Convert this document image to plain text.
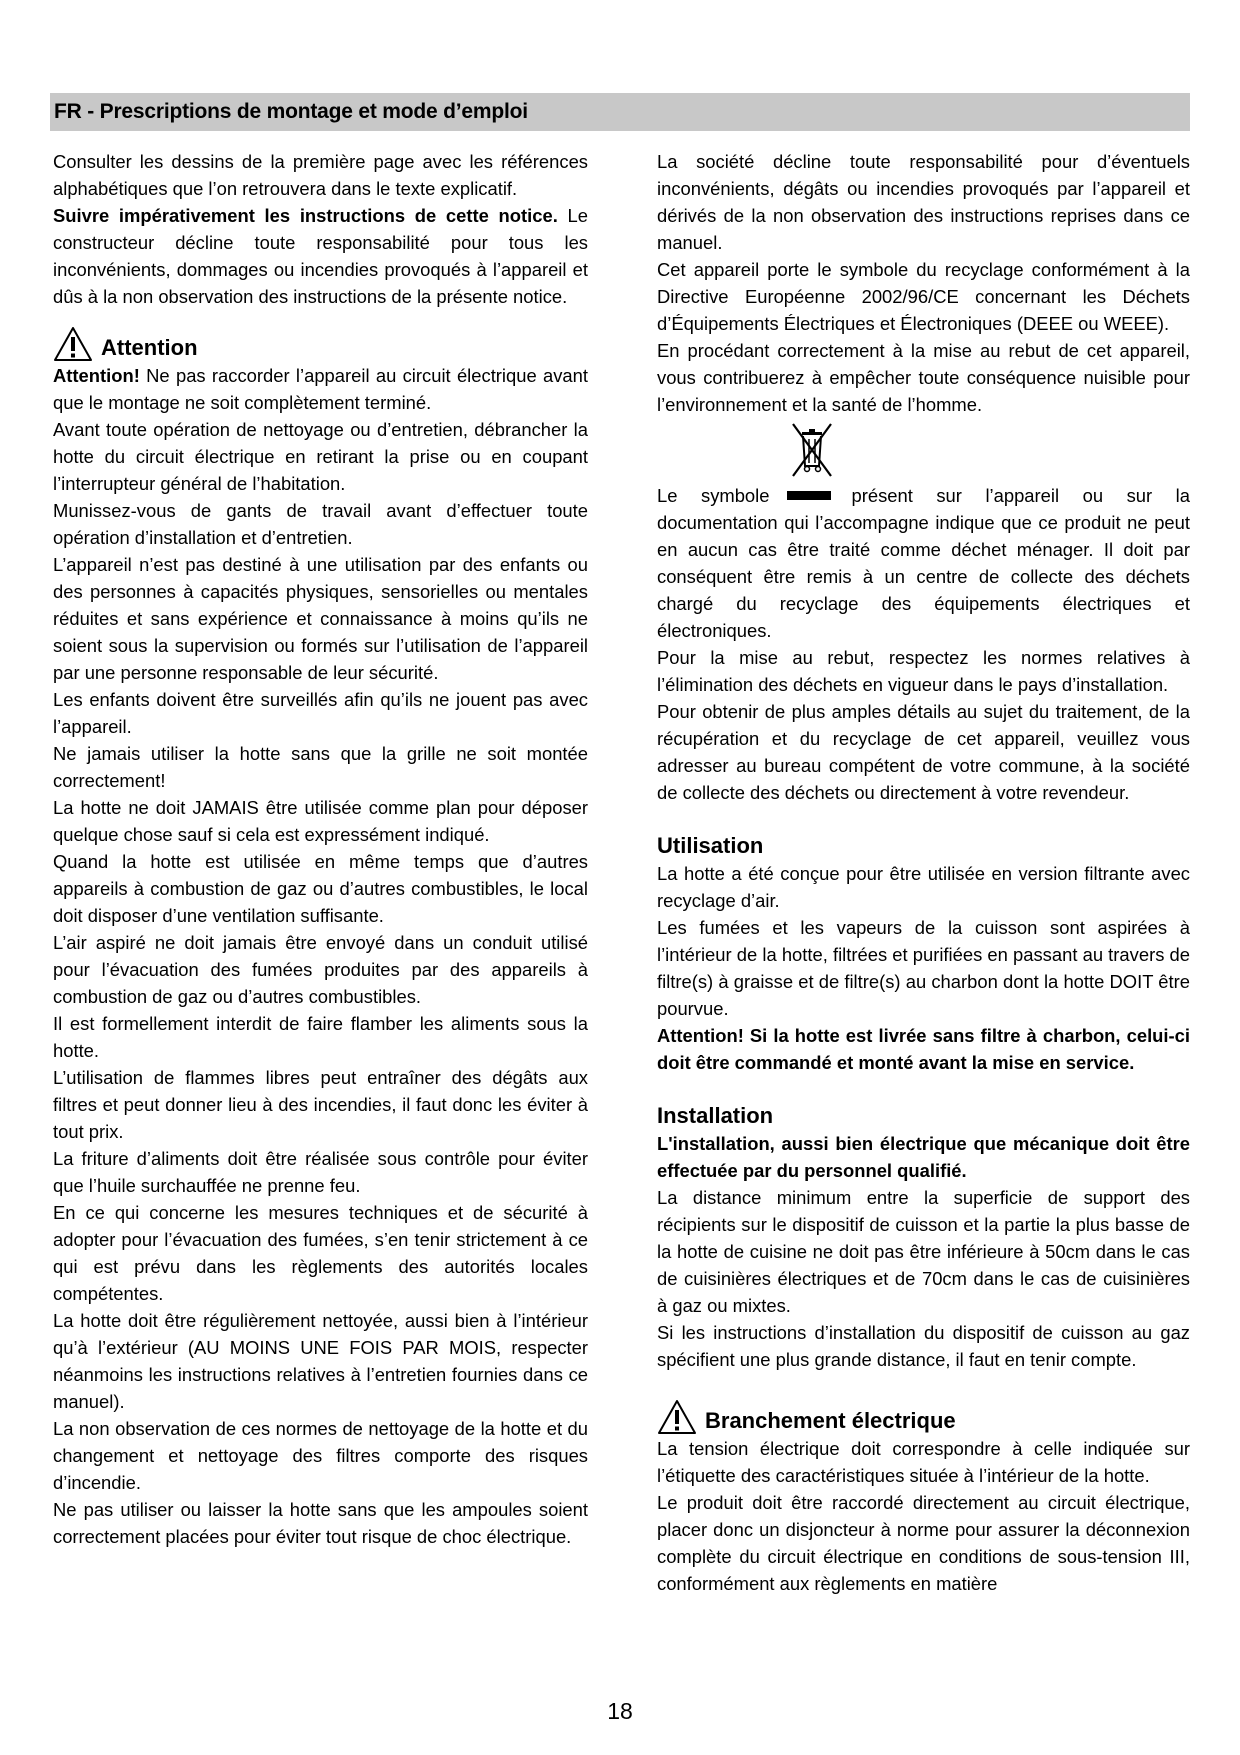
FR - Prescriptions de montage et mode d’emploi

Consulter les dessins de la première page avec les références alphabétiques que l’on retrouvera dans le texte explicatif.

Suivre impérativement les instructions de cette notice. Le constructeur décline toute responsabilité pour tous les inconvénients, dommages ou incendies provoqués à l’appareil et dûs à la non observation des instructions de la présente notice.

Attention

Attention! Ne pas raccorder l’appareil au circuit électrique avant que le montage ne soit complètement terminé.

Avant toute opération de nettoyage ou d’entretien, débrancher la hotte du circuit électrique en retirant la prise ou en coupant l’interrupteur général de l’habitation.

Munissez-vous de gants de travail avant d’effectuer toute opération d’installation et d’entretien.

L’appareil n’est pas destiné à une utilisation par des enfants ou des personnes à capacités physiques, sensorielles ou mentales réduites et sans expérience et connaissance à moins qu’ils ne soient sous la supervision ou formés sur l’utilisation de l’appareil par une personne responsable de leur sécurité.

Les enfants doivent être surveillés afin qu’ils ne jouent pas avec l’appareil.

Ne jamais utiliser la hotte sans que la grille ne soit montée correctement!

La hotte ne doit JAMAIS être utilisée comme plan pour déposer quelque chose sauf si cela est expressément indiqué.

Quand la hotte est utilisée en même temps que d’autres appareils à combustion de gaz ou d’autres combustibles, le local doit disposer d’une ventilation suffisante.

L’air aspiré ne doit jamais être envoyé dans un conduit utilisé pour l’évacuation des fumées produites par des appareils à combustion de gaz ou d’autres combustibles.

Il est formellement interdit de faire flamber les aliments sous la hotte.

L’utilisation de flammes libres peut entraîner des dégâts aux filtres et peut donner lieu à des incendies, il faut donc les éviter à tout prix.

La friture d’aliments doit être réalisée sous contrôle pour éviter que l’huile surchauffée ne prenne feu.

En ce qui concerne les mesures techniques et de sécurité à adopter pour l’évacuation des fumées, s’en tenir strictement à ce qui est prévu dans les règlements des autorités locales compétentes.

La hotte doit être régulièrement nettoyée, aussi bien à l’intérieur qu’à l’extérieur (AU MOINS UNE FOIS PAR MOIS, respecter néanmoins les instructions relatives à l’entretien fournies dans ce manuel).

La non observation de ces normes de nettoyage de la hotte et du changement et nettoyage des filtres comporte des risques d’incendie.

Ne pas utiliser ou laisser la hotte sans que les ampoules soient correctement placées pour éviter tout risque de choc électrique.

La société décline toute responsabilité pour d’éventuels inconvénients, dégâts ou incendies provoqués par l’appareil et dérivés de la non observation des instructions reprises dans ce manuel.

Cet appareil porte le symbole du recyclage conformément à la Directive Européenne 2002/96/CE concernant les Déchets d’Équipements Électriques et Électroniques (DEEE ou WEEE).

En procédant correctement à la mise au rebut de cet appareil, vous contribuerez à empêcher toute conséquence nuisible pour l’environnement et la santé de l’homme.

Le symbole	présent sur l’appareil ou sur la documentation qui l’accompagne indique que ce produit ne peut en aucun cas être traité comme déchet ménager. Il doit par conséquent être remis à un centre de collecte des déchets chargé du recyclage des équipements électriques et électroniques.

Pour la mise au rebut, respectez les normes relatives à l’élimination des déchets en vigueur dans le pays d’installation.

Pour obtenir de plus amples détails au sujet du traitement, de la récupération et du recyclage de cet appareil, veuillez vous adresser au bureau compétent de votre commune, à la société de collecte des déchets ou directement à votre revendeur.

Utilisation

La hotte a été conçue pour être utilisée en version filtrante avec recyclage d’air.

Les fumées et les vapeurs de la cuisson sont aspirées à l’intérieur de la hotte, filtrées et purifiées en passant au travers de filtre(s) à graisse et de filtre(s) au charbon dont la hotte DOIT être pourvue.

Attention! Si la hotte est livrée sans filtre à charbon, celui-ci doit être commandé et monté avant la mise en service.

Installation

L'installation, aussi bien électrique que mécanique doit être effectuée par du personnel qualifié.

La distance minimum entre la superficie de support des récipients sur le dispositif de cuisson et la partie la plus basse de la hotte de cuisine ne doit pas être inférieure à 50cm dans le cas de cuisinières électriques et de 70cm dans le cas de cuisinières à gaz ou mixtes.

Si les instructions d’installation du dispositif de cuisson au gaz spécifient une plus grande distance, il faut en tenir compte.

Branchement électrique

La tension électrique doit correspondre à celle indiquée sur l’étiquette des caractéristiques située à l’intérieur de la hotte.

Le produit doit être raccordé directement au circuit électrique, placer donc un disjoncteur à norme pour assurer la déconnexion complète du circuit électrique en conditions de sous-tension III, conformément aux règlements en matière

18
